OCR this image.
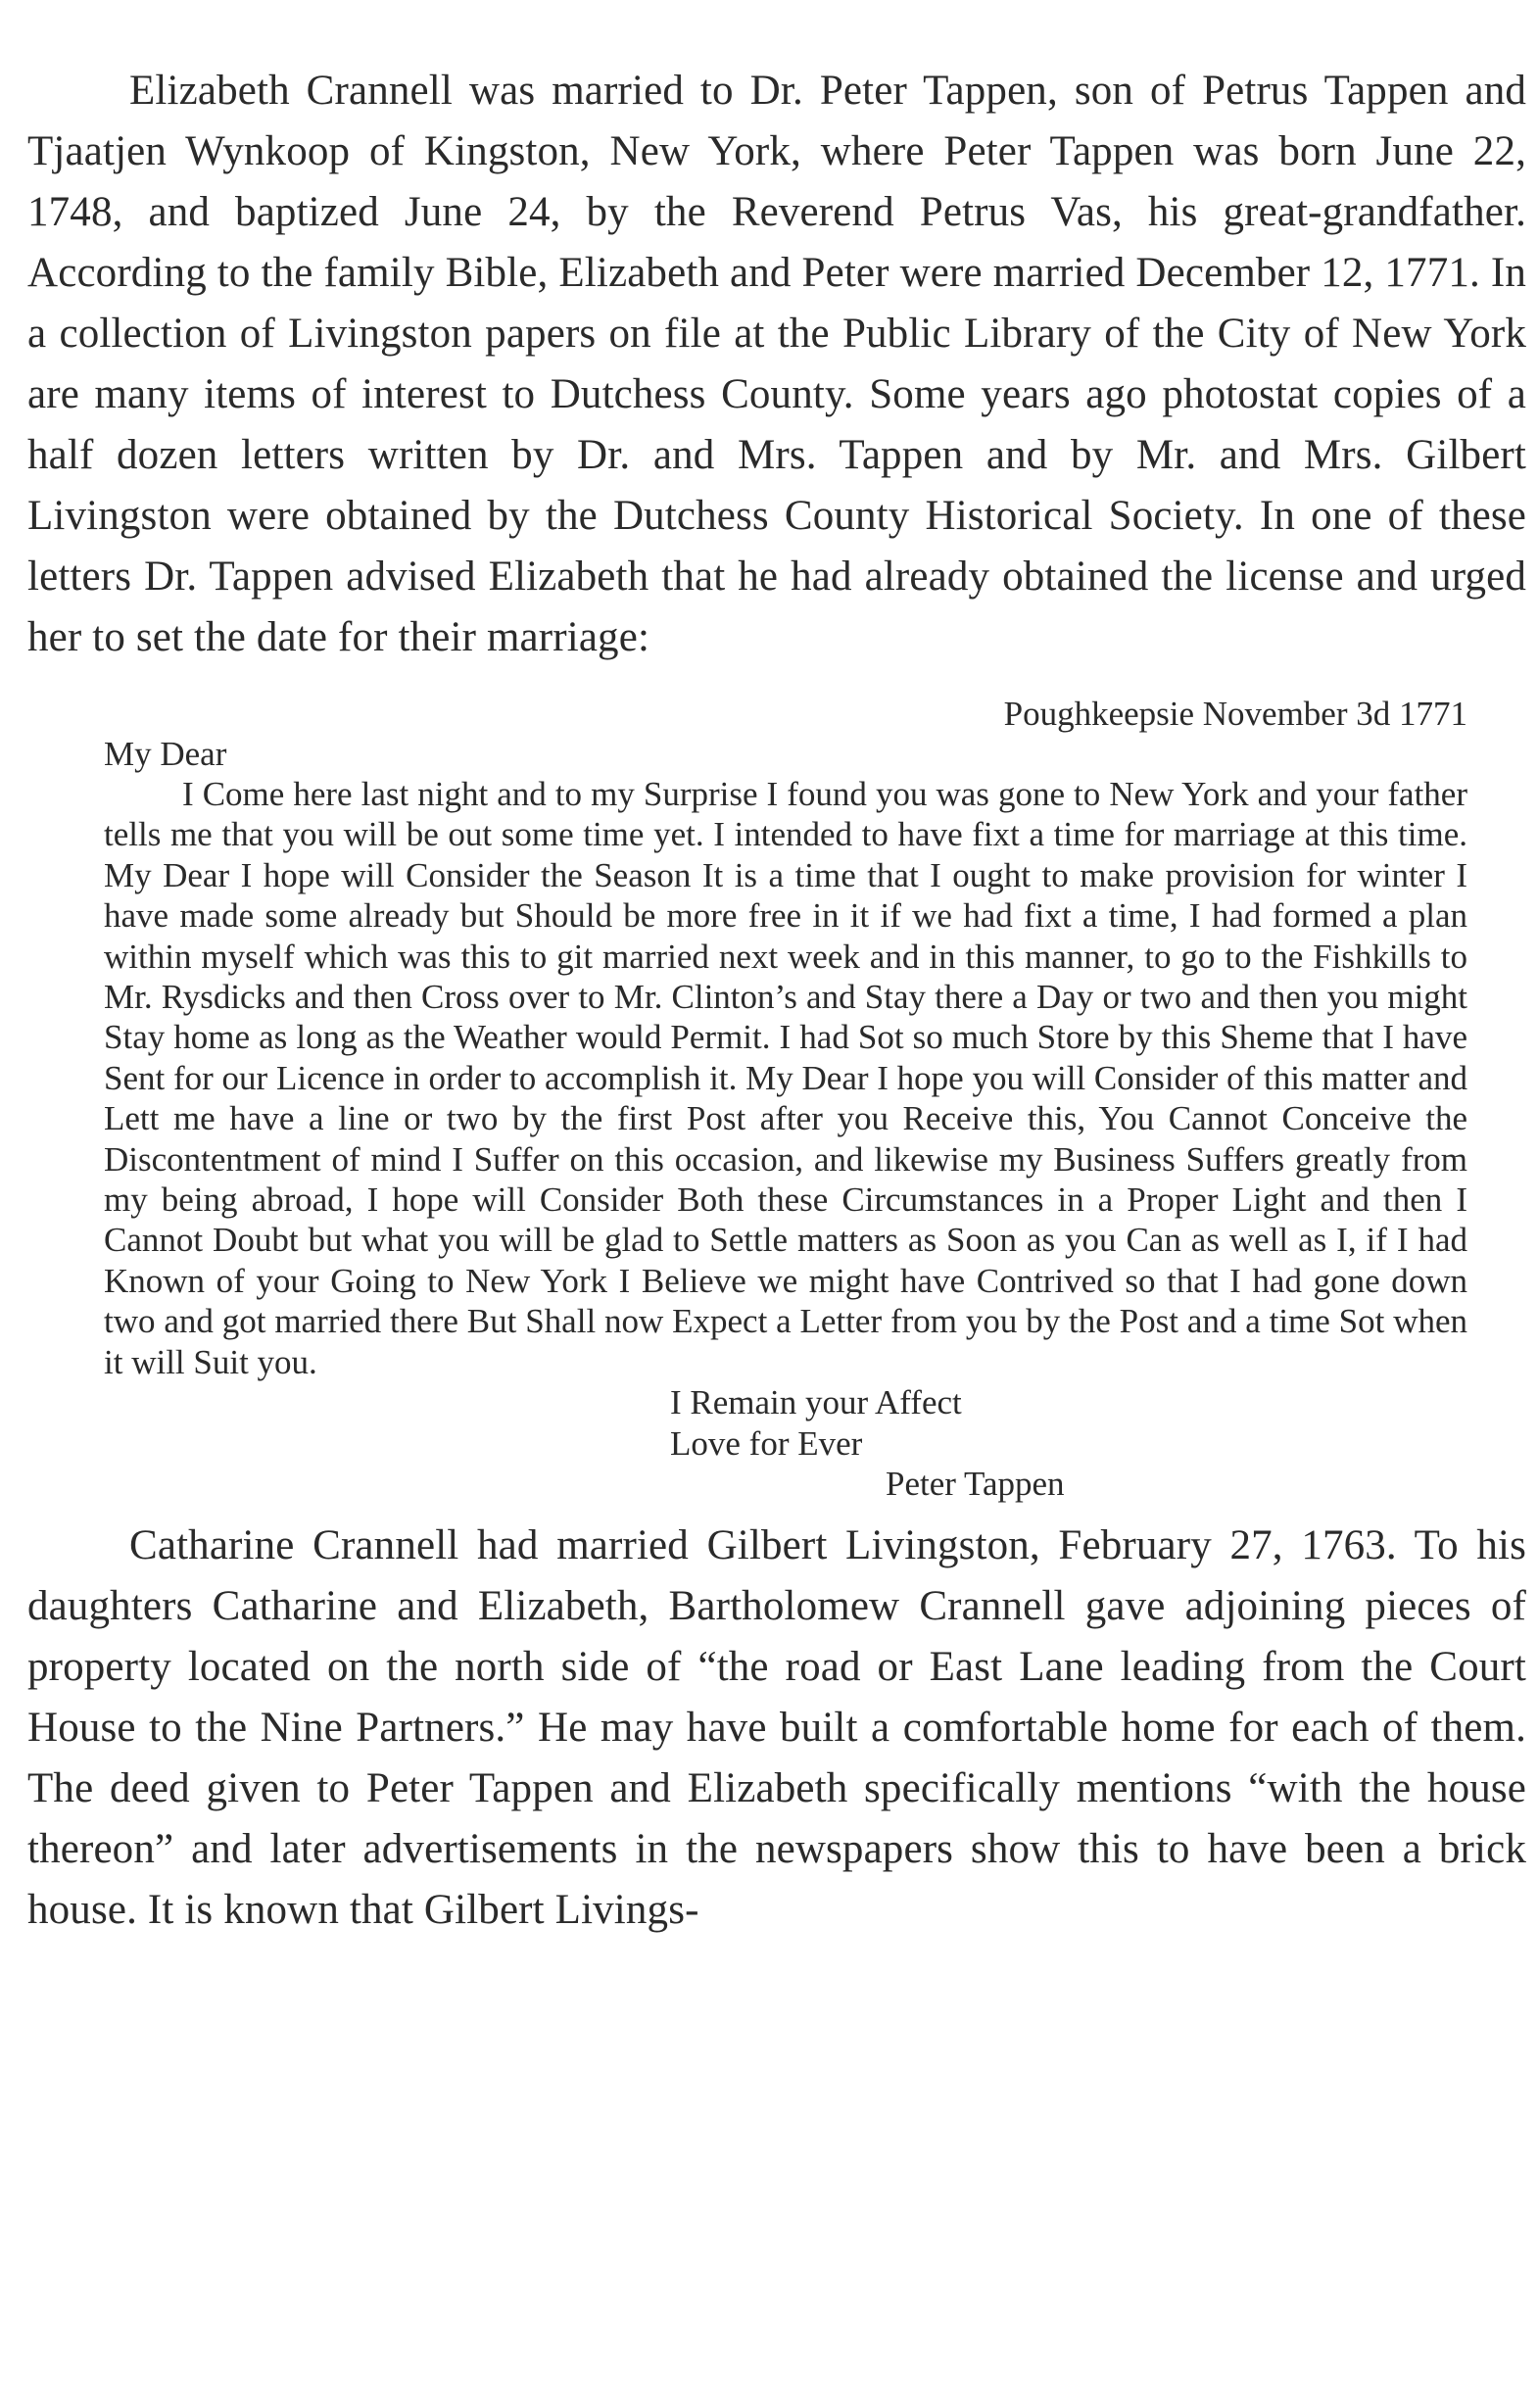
Elizabeth Crannell was married to Dr. Peter Tappen, son of Petrus Tappen and Tjaatjen Wynkoop of Kingston, New York, where Peter Tappen was born June 22, 1748, and baptized June 24, by the Reverend Petrus Vas, his great-grandfather. According to the family Bible, Elizabeth and Peter were married December 12, 1771. In a collection of Livingston papers on file at the Public Library of the City of New York are many items of interest to Dutchess County. Some years ago photostat copies of a half dozen letters written by Dr. and Mrs. Tappen and by Mr. and Mrs. Gilbert Livingston were obtained by the Dutchess County Historical Society. In one of these letters Dr. Tappen advised Elizabeth that he had already obtained the license and urged her to set the date for their marriage:

Poughkeepsie November 3d 1771

My Dear

I Come here last night and to my Surprise I found you was gone to New York and your father tells me that you will be out some time yet. I intended to have fixt a time for marriage at this time. My Dear I hope will Consider the Season It is a time that I ought to make provision for winter I have made some already but Should be more free in it if we had fixt a time, I had formed a plan within myself which was this to git married next week and in this manner, to go to the Fishkills to Mr. Rysdicks and then Cross over to Mr. Clinton’s and Stay there a Day or two and then you might Stay home as long as the Weather would Permit. I had Sot so much Store by this Sheme that I have Sent for our Licence in order to accomplish it. My Dear I hope you will Consider of this matter and Lett me have a line or two by the first Post after you Receive this, You Cannot Conceive the Discontentment of mind I Suffer on this occasion, and likewise my Business Suffers greatly from my being abroad, I hope will Consider Both these Circumstances in a Proper Light and then I Cannot Doubt but what you will be glad to Settle matters as Soon as you Can as well as I, if I had Known of your Going to New York I Believe we might have Contrived so that I had gone down two and got married there But Shall now Expect a Letter from you by the Post and a time Sot when it will Suit you.

I Remain your Affect

Love for Ever

Peter Tappen

Catharine Crannell had married Gilbert Livingston, February 27, 1763. To his daughters Catharine and Elizabeth, Bartholomew Crannell gave adjoining pieces of property located on the north side of “the road or East Lane leading from the Court House to the Nine Partners.” He may have built a comfortable home for each of them. The deed given to Peter Tappen and Elizabeth specifically mentions “with the house thereon” and later advertisements in the newspapers show this to have been a brick house. It is known that Gilbert Livings-
